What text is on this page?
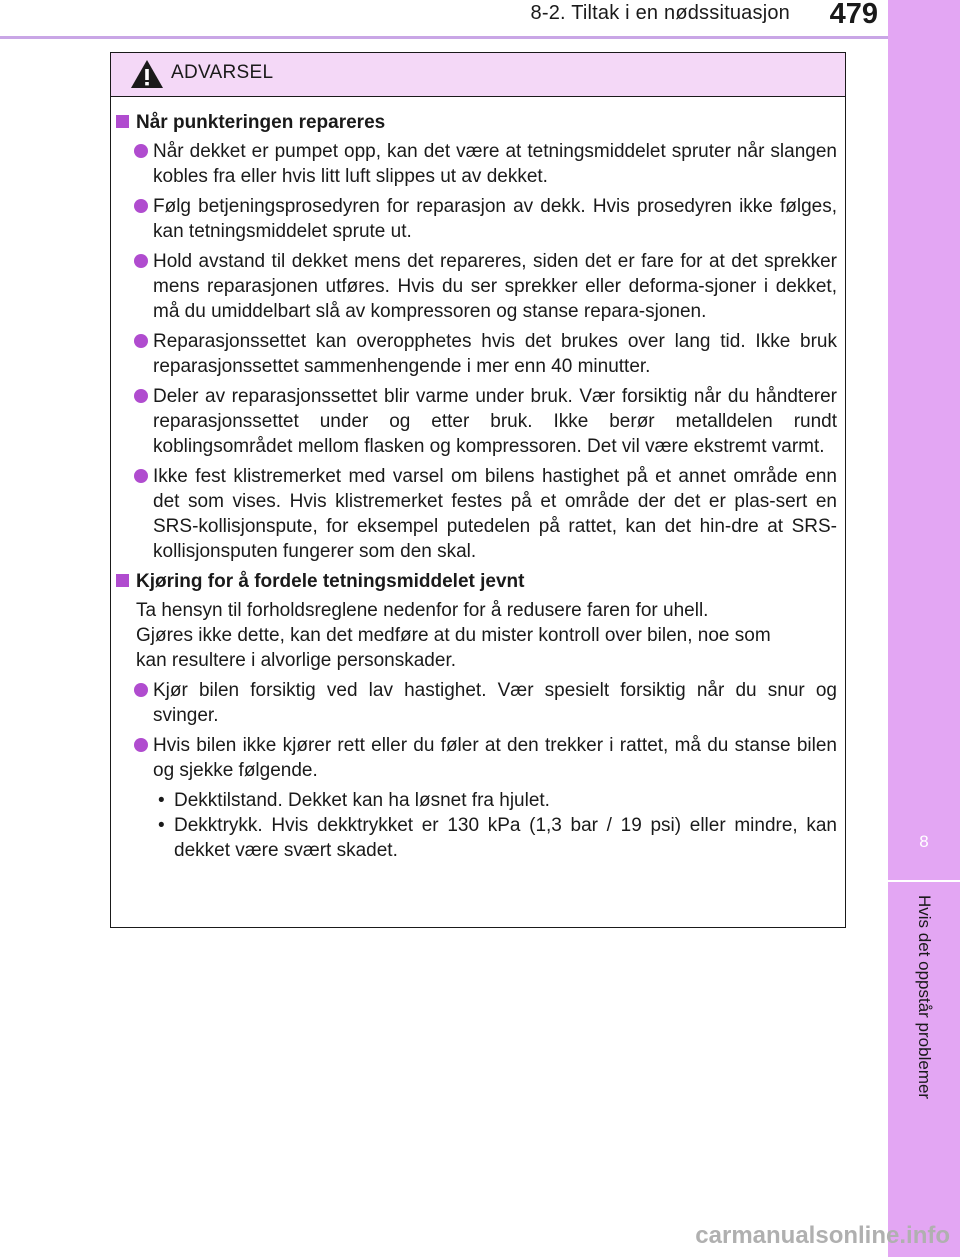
8-2. Tiltak i en nødssituasjon	479
8
Hvis det oppstår problemer
ADVARSEL
Når punkteringen repareres
Når dekket er pumpet opp, kan det være at tetningsmiddelet spruter når slangen kobles fra eller hvis litt luft slippes ut av dekket.
Følg betjeningsprosedyren for reparasjon av dekk. Hvis prosedyren ikke følges, kan tetningsmiddelet sprute ut.
Hold avstand til dekket mens det repareres, siden det er fare for at det sprekker mens reparasjonen utføres. Hvis du ser sprekker eller deforma-sjoner i dekket, må du umiddelbart slå av kompressoren og stanse repara-sjonen.
Reparasjonssettet kan overopphetes hvis det brukes over lang tid. Ikke bruk reparasjonssettet sammenhengende i mer enn 40 minutter.
Deler av reparasjonssettet blir varme under bruk. Vær forsiktig når du håndterer reparasjonssettet under og etter bruk. Ikke berør metalldelen rundt koblingsområdet mellom flasken og kompressoren. Det vil være ekstremt varmt.
Ikke fest klistremerket med varsel om bilens hastighet på et annet område enn det som vises. Hvis klistremerket festes på et område der det er plas-sert en SRS-kollisjonspute, for eksempel putedelen på rattet, kan det hin-dre at SRS-kollisjonsputen fungerer som den skal.
Kjøring for å fordele tetningsmiddelet jevnt
Ta hensyn til forholdsreglene nedenfor for å redusere faren for uhell.
Gjøres ikke dette, kan det medføre at du mister kontroll over bilen, noe som
kan resultere i alvorlige personskader.
Kjør bilen forsiktig ved lav hastighet. Vær spesielt forsiktig når du snur og svinger.
Hvis bilen ikke kjører rett eller du føler at den trekker i rattet, må du stanse bilen og sjekke følgende.
• Dekktilstand. Dekket kan ha løsnet fra hjulet.
• Dekktrykk. Hvis dekktrykket er 130 kPa (1,3 bar / 19 psi) eller mindre, kan dekket være svært skadet.
carmanualsonline.info
